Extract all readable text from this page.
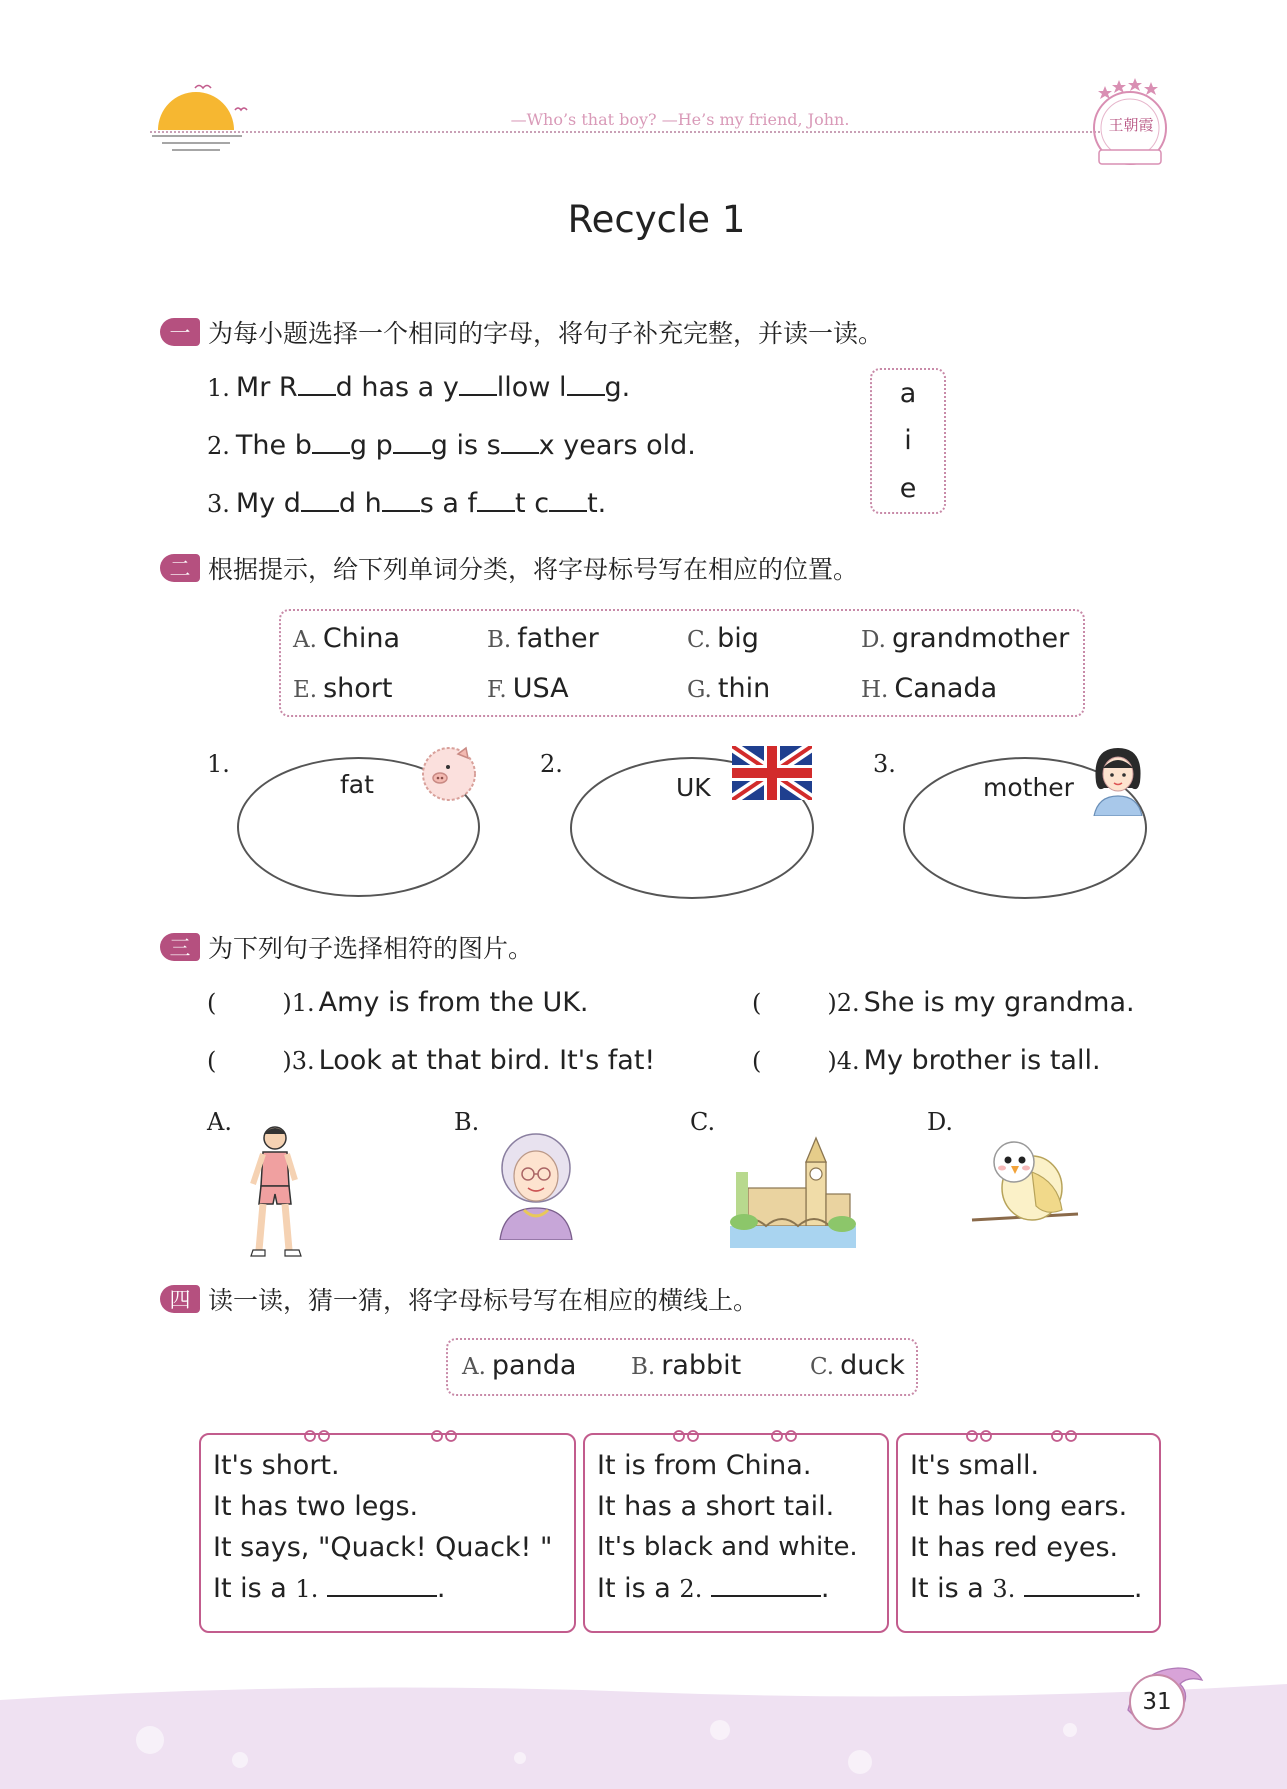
—Who’s that boy? —He’s my friend, John.	王朝霞
Recycle 1
一 为每小题选择一个相同的字母，将句子补充完整，并读一读。
1. Mr R d has a y llow l g.
2. The b g p g is s x years old.
3. My d d h s a f t c t.
a
i
e
二 根据提示，给下列单词分类，将字母标号写在相应的位置。
A. China	B. father	C. big	D. grandmother
E. short	F. USA	G. thin	H. Canada
1.
fat
2.
UK
3.
mother
三 为下列句子选择相符的图片。
(	) 1. Amy is from the UK.	(	) 2. She is my grandma.
(	) 3. Look at that bird. It's fat!	(	) 4. My brother is tall.
A.	B.	C.	D.
四 读一读，猜一猜，将字母标号写在相应的横线上。
A. panda B. rabbit	C. duck
It's short.
It has two legs.
It says, "Quack! Quack! "
It is a 1.	.
It is from China.
It has a short tail.
It's black and white.
It is a 2.	.
It's small.
It has long ears.
It has red eyes.
It is a 3.	.
31
